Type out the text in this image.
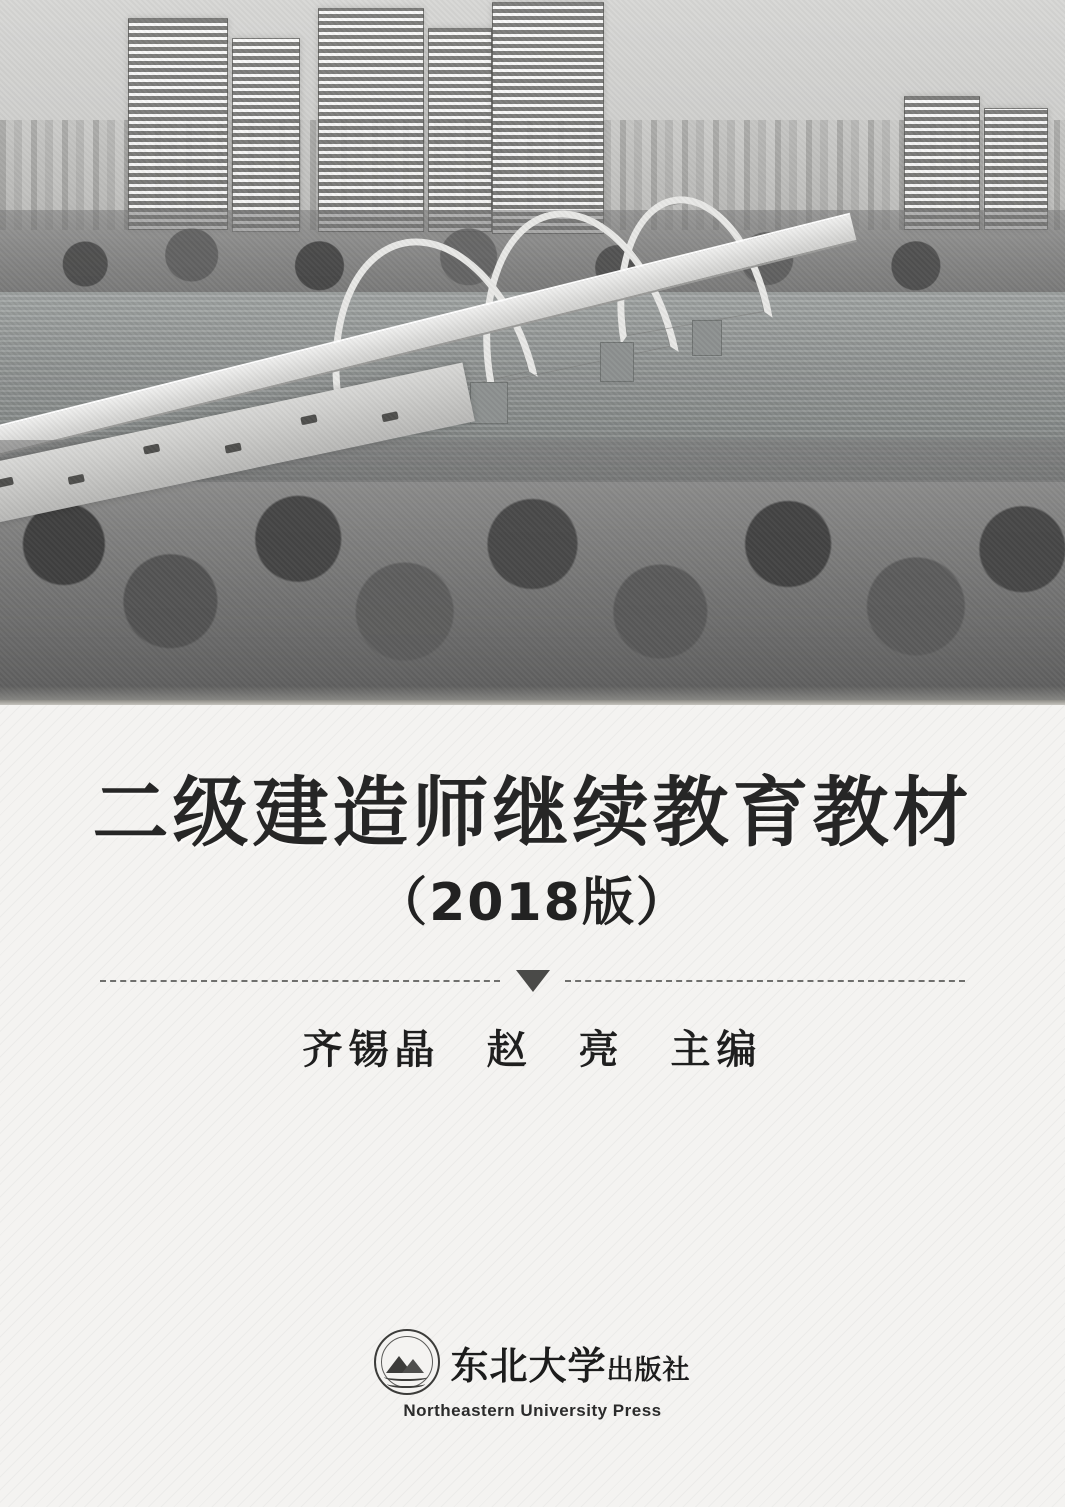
二级建造师继续教育教材
（2018版）
齐锡晶　赵　亮　主编
东北大学出版社
Northeastern University Press
